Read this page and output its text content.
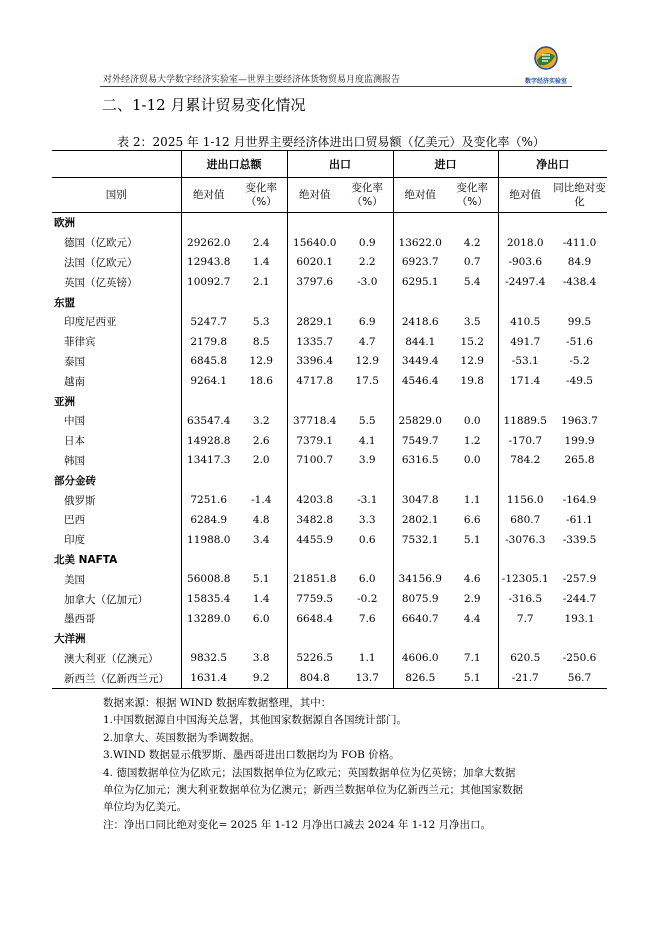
对外经济贸易大学数字经济实验室—世界主要经济体货物贸易月度监测报告	数字经济实验室
二、1-12 月累计贸易变化情况
表 2：2025 年 1-12 月世界主要经济体进出口贸易额（亿美元）及变化率（%）
	进出口总额		出口		进口		净出口	
国别	绝对值	变化率（%）	绝对值	变化率（%）	绝对值	变化率（%）	绝对值	同比绝对变化
欧洲								
德国（亿欧元）	29262.0	2.4	15640.0	0.9	13622.0	4.2	2018.0	-411.0
法国（亿欧元）	12943.8	1.4	6020.1	2.2	6923.7	0.7	-903.6	84.9
英国（亿英镑）	10092.7	2.1	3797.6	-3.0	6295.1	5.4	-2497.4	-438.4
东盟								
印度尼西亚	5247.7	5.3	2829.1	6.9	2418.6	3.5	410.5	99.5
菲律宾	2179.8	8.5	1335.7	4.7	844.1	15.2	491.7	-51.6
泰国	6845.8	12.9	3396.4	12.9	3449.4	12.9	-53.1	-5.2
越南	9264.1	18.6	4717.8	17.5	4546.4	19.8	171.4	-49.5
亚洲								
中国	63547.4	3.2	37718.4	5.5	25829.0	0.0	11889.5	1963.7
日本	14928.8	2.6	7379.1	4.1	7549.7	1.2	-170.7	199.9
韩国	13417.3	2.0	7100.7	3.9	6316.5	0.0	784.2	265.8
部分金砖								
俄罗斯	7251.6	-1.4	4203.8	-3.1	3047.8	1.1	1156.0	-164.9
巴西	6284.9	4.8	3482.8	3.3	2802.1	6.6	680.7	-61.1
印度	11988.0	3.4	4455.9	0.6	7532.1	5.1	-3076.3	-339.5
北美 NAFTA								
美国	56008.8	5.1	21851.8	6.0	34156.9	4.6	-12305.1	-257.9
加拿大（亿加元）	15835.4	1.4	7759.5	-0.2	8075.9	2.9	-316.5	-244.7
墨西哥	13289.0	6.0	6648.4	7.6	6640.7	4.4	7.7	193.1
大洋洲								
澳大利亚（亿澳元）	9832.5	3.8	5226.5	1.1	4606.0	7.1	620.5	-250.6
新西兰（亿新西兰元）	1631.4	9.2	804.8	13.7	826.5	5.1	-21.7	56.7

数据来源：根据 WIND 数据库数据整理，其中：

1.中国数据源自中国海关总署，其他国家数据源自各国统计部门。

2.加拿大、英国数据为季调数据。

3.WIND 数据显示俄罗斯、墨西哥进出口数据均为 FOB 价格。

4. 德国数据单位为亿欧元；法国数据单位为亿欧元；英国数据单位为亿英镑；加拿大数据单位为亿加元；澳大利亚数据单位为亿澳元；新西兰数据单位为亿新西兰元；其他国家数据单位均为亿美元。

注：净出口同比绝对变化= 2025 年 1-12 月净出口减去 2024 年 1-12 月净出口。
